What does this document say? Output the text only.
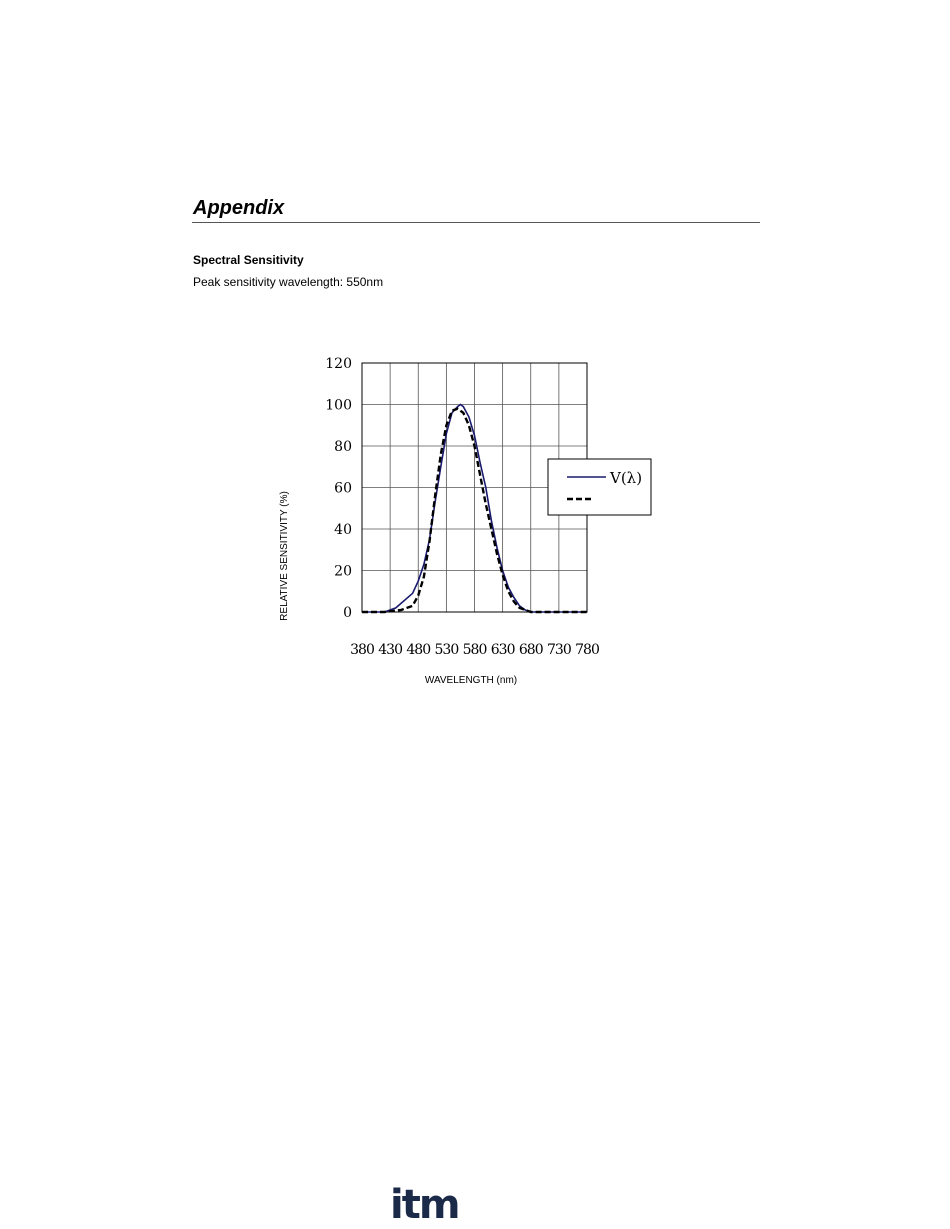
Appendix
Spectral Sensitivity
Peak sensitivity wavelength: 550nm
0
20
40
60
80
100
120
380 430 480 530 580 630 680 730 780
V(λ)
WAVELENGTH (nm)
RELATIVE SENSITIVITY (%)
itm
